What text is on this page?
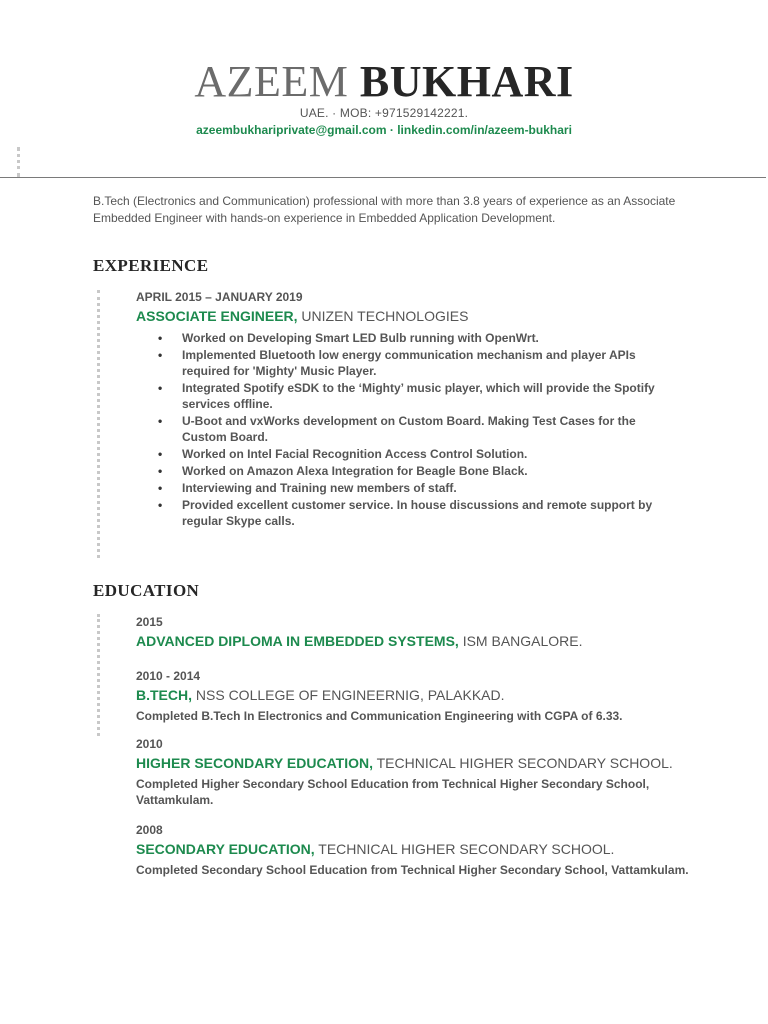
AZEEM BUKHARI
UAE. · MOB: +971529142221.
azeembukhariprivate@gmail.com · linkedin.com/in/azeem-bukhari
B.Tech (Electronics and Communication) professional with more than 3.8 years of experience as an Associate Embedded Engineer with hands-on experience in Embedded Application Development.
EXPERIENCE
APRIL 2015 – JANUARY 2019
ASSOCIATE ENGINEER, UNIZEN TECHNOLOGIES
• Worked on Developing Smart LED Bulb running with OpenWrt.
• Implemented Bluetooth low energy communication mechanism and player APIs required for 'Mighty' Music Player.
• Integrated Spotify eSDK to the ‘Mighty’ music player, which will provide the Spotify services offline.
• U-Boot and vxWorks development on Custom Board. Making Test Cases for the Custom Board.
• Worked on Intel Facial Recognition Access Control Solution.
• Worked on Amazon Alexa Integration for Beagle Bone Black.
• Interviewing and Training new members of staff.
• Provided excellent customer service. In house discussions and remote support by regular Skype calls.
EDUCATION
2015
ADVANCED DIPLOMA IN EMBEDDED SYSTEMS, ISM BANGALORE.
2010 - 2014
B.TECH, NSS COLLEGE OF ENGINEERNIG, PALAKKAD.
Completed B.Tech In Electronics and Communication Engineering with CGPA of 6.33.
2010
HIGHER SECONDARY EDUCATION, TECHNICAL HIGHER SECONDARY SCHOOL.
Completed Higher Secondary School Education from Technical Higher Secondary School, Vattamkulam.
2008
SECONDARY EDUCATION, TECHNICAL HIGHER SECONDARY SCHOOL.
Completed Secondary School Education from Technical Higher Secondary School, Vattamkulam.
